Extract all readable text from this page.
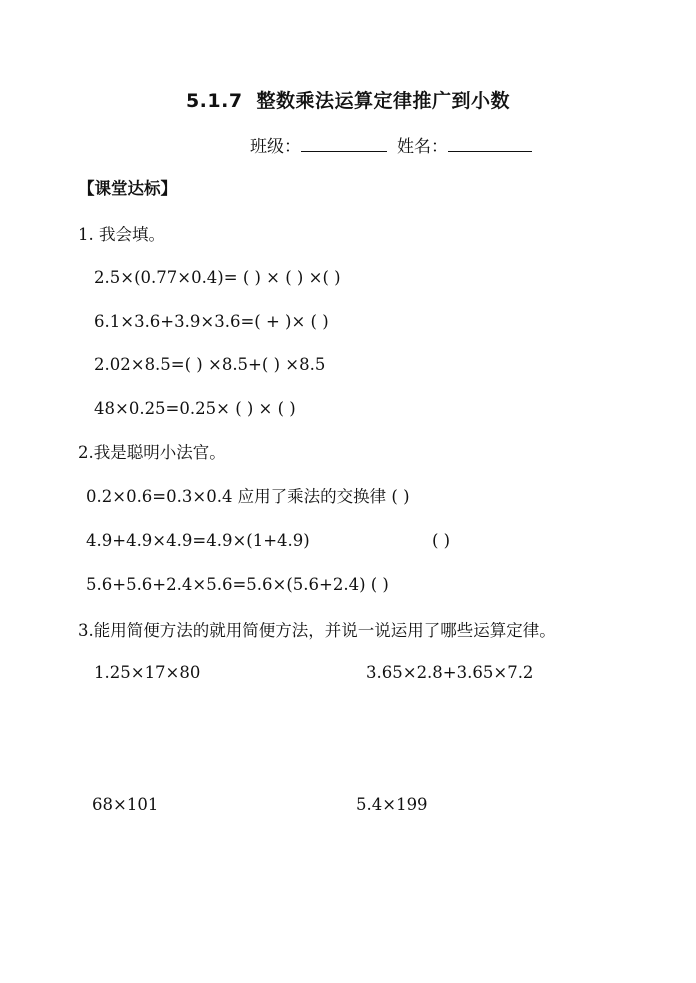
5.1.7 整数乘法运算定律推广到小数
班级：	姓名：
【课堂达标】
1. 我会填。
2.5×(0.77×0.4)= ( ) × ( ) ×( )
6.1×3.6+3.9×3.6=( + )× ( )
2.02×8.5=( ) ×8.5+( ) ×8.5
48×0.25=0.25× ( ) × ( )
2.我是聪明小法官。
0.2×0.6=0.3×0.4 应用了乘法的交换律 ( )
4.9+4.9×4.9=4.9×(1+4.9)	( )
5.6+5.6+2.4×5.6=5.6×(5.6+2.4) ( )
3.能用简便方法的就用简便方法，并说一说运用了哪些运算定律。
1.25×17×80	3.65×2.8+3.65×7.2
68×101	5.4×199
